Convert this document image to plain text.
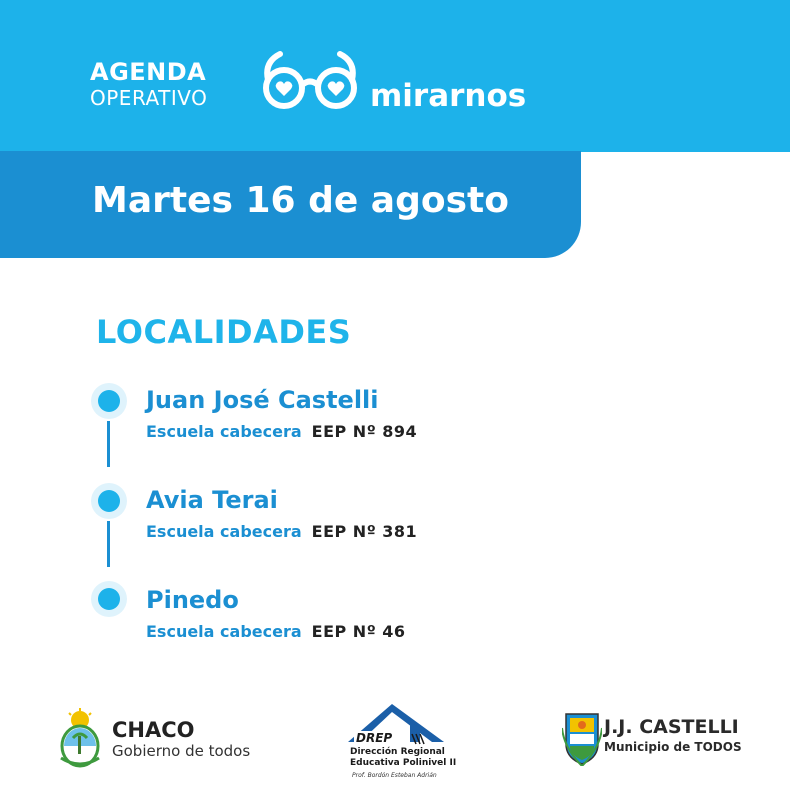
AGENDA
OPERATIVO	mirarnos
Martes 16 de agosto
LOCALIDADES
Juan José Castelli
Escuela cabecera EEP Nº 894
Avia Terai
Escuela cabecera EEP Nº 381
Pinedo
Escuela cabecera EEP Nº 46
CHACO
Gobierno de todos
DREP
Dirección Regional
Educativa Polinivel II
Prof. Bordón Esteban Adrián
J.J. CASTELLI
Municipio de TODOS
